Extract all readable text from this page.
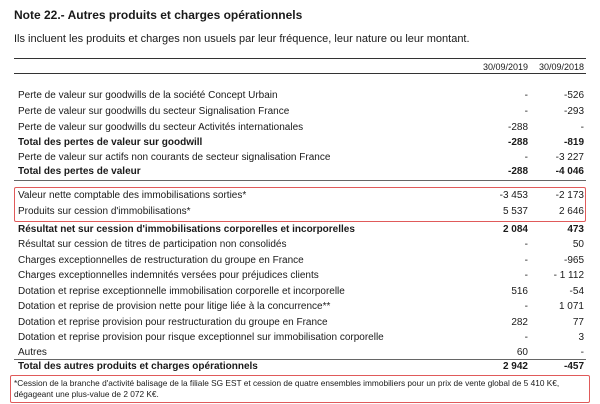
Note 22.- Autres produits et charges opérationnels
Ils incluent les produits et charges non usuels par leur fréquence, leur nature ou leur montant.
30/09/2019	30/09/2018
Perte de valeur sur goodwills de la société Concept Urbain	-	-526
Perte de valeur sur goodwills du secteur Signalisation France	-	-293
Perte de valeur sur goodwills du secteur Activités internationales	-288	-
Total des pertes de valeur sur goodwill	-288	-819
Perte de valeur sur actifs non courants de secteur signalisation France	-	-3 227
Total des pertes de valeur	-288	-4 046
Valeur nette comptable des immobilisations sorties*	-3 453	-2 173
Produits sur cession d'immobilisations*	5 537	2 646
Résultat net sur cession d'immobilisations corporelles et incorporelles	2 084	473
Résultat sur cession de titres de participation non consolidés	-	50
Charges exceptionnelles de restructuration du groupe en France	-	-965
Charges exceptionnelles indemnités versées pour préjudices clients	-	- 1 112
Dotation et reprise exceptionnelle immobilisation corporelle et incorporelle	516	-54
Dotation et reprise de provision nette pour litige liée à la concurrence**	-	1 071
Dotation et reprise provision pour restructuration du groupe en France	282	77
Dotation et reprise provision pour risque exceptionnel sur immobilisation corporelle	-	3
Autres	60	-
Total des autres produits et charges opérationnels	2 942	-457
*Cession de la branche d'activité balisage de la filiale SG EST et cession de quatre ensembles immobiliers pour un prix de vente global de 5 410 K€, dégageant une plus-value de 2 072 K€.
